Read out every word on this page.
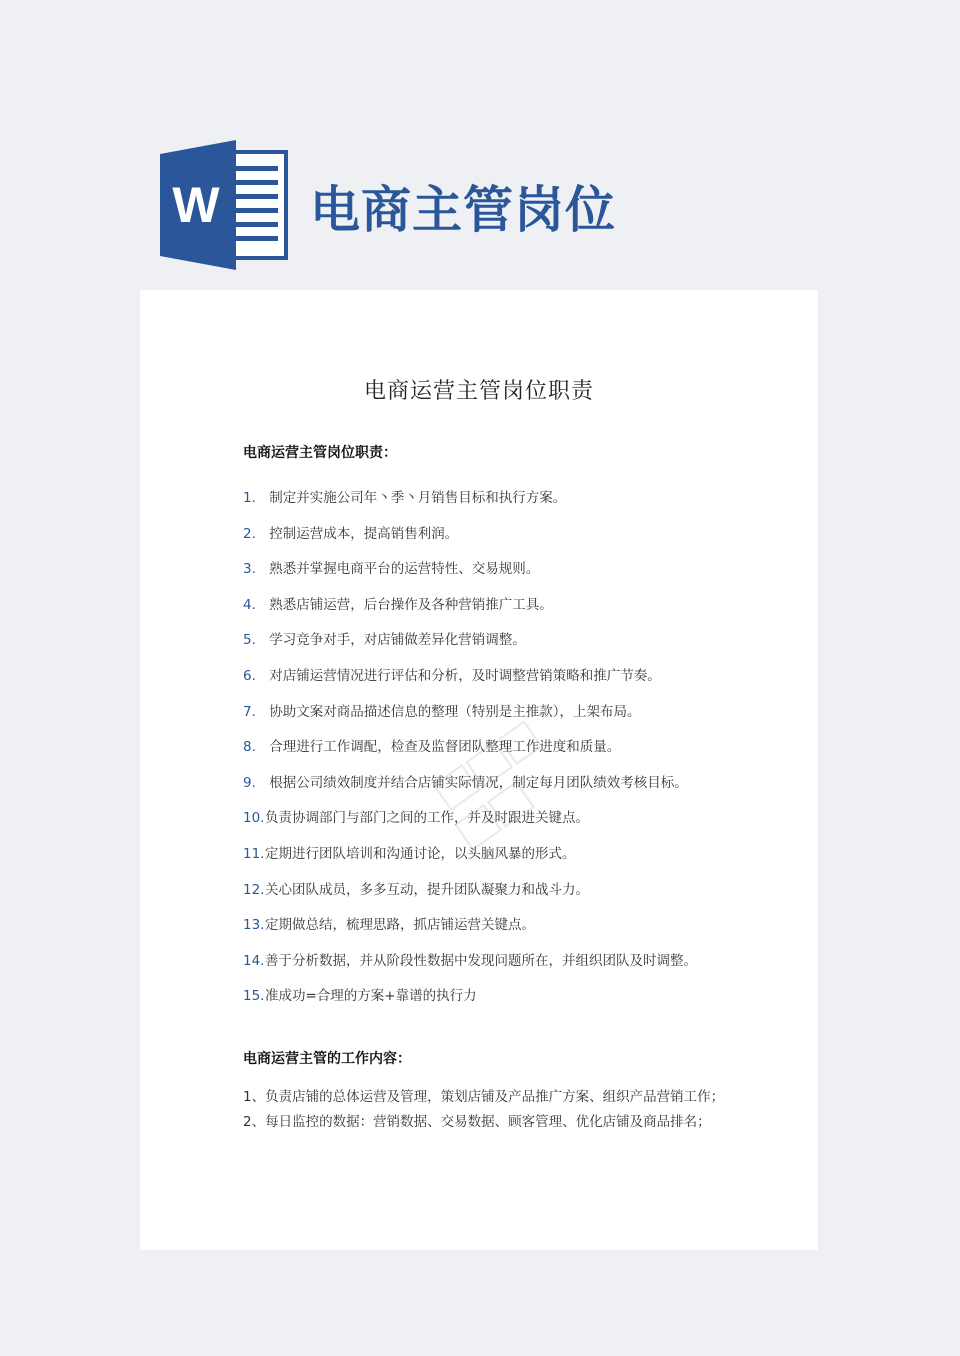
W 电商主管岗位
电商运营主管岗位职责
电商运营主管岗位职责：
1. 制定并实施公司年丶季丶月销售目标和执行方案。
2. 控制运营成本，提高销售利润。
3. 熟悉并掌握电商平台的运营特性、交易规则。
4. 熟悉店铺运营，后台操作及各种营销推广工具。
5. 学习竞争对手，对店铺做差异化营销调整。
6. 对店铺运营情况进行评估和分析，及时调整营销策略和推广节奏。
7. 协助文案对商品描述信息的整理（特别是主推款），上架布局。
8. 合理进行工作调配，检查及监督团队整理工作进度和质量。
9. 根据公司绩效制度并结合店铺实际情况，制定每月团队绩效考核目标。
10.负责协调部门与部门之间的工作，并及时跟进关键点。
11.定期进行团队培训和沟通讨论，以头脑风暴的形式。
12.关心团队成员，多多互动，提升团队凝聚力和战斗力。
13.定期做总结，梳理思路，抓店铺运营关键点。
14.善于分析数据，并从阶段性数据中发现问题所在，并组织团队及时调整。
15.准成功=合理的方案+靠谱的执行力
电商运营主管的工作内容：
1、负责店铺的总体运营及管理，策划店铺及产品推广方案、组织产品营销工作；
2、每日监控的数据：营销数据、交易数据、顾客管理、优化店铺及商品排名；
